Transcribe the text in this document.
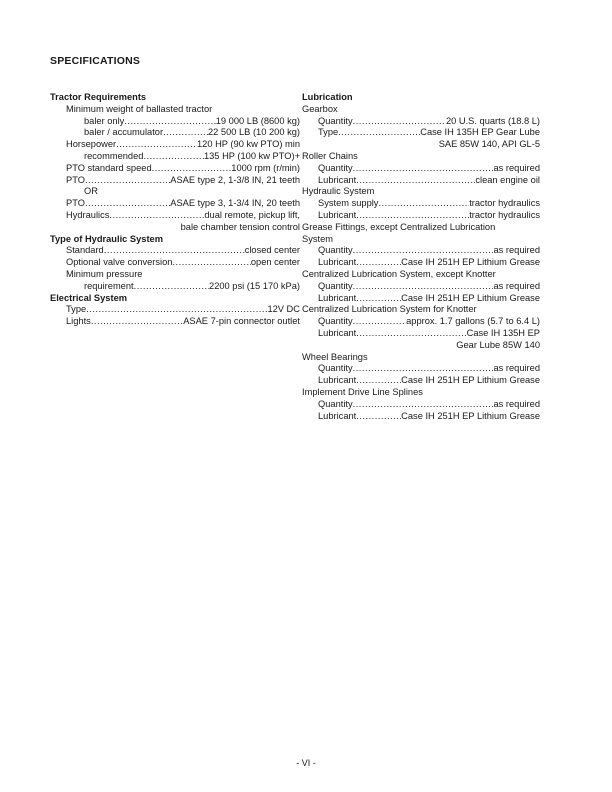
SPECIFICATIONS
Tractor Requirements
Minimum weight of ballasted tractor
baler only .....	19 000 LB (8600 kg)
baler / accumulator .....	22 500 LB (10 200 kg)
Horsepower .....	120 HP (90 kw PTO) min
recommended .....	135 HP (100 kw PTO)+
PTO standard speed .....	1000 rpm (r/min)
PTO .....	ASAE type 2, 1-3/8 IN, 21 teeth
OR
PTO .....	ASAE type 3, 1-3/4 IN, 20 teeth
Hydraulics .....	dual remote, pickup lift,
bale chamber tension control
Type of Hydraulic System
Standard .....	closed center
Optional valve conversion .....	open center
Minimum pressure
requirement .....	2200 psi (15 170 kPa)
Electrical System
Type .....	12V DC
Lights .....	ASAE 7-pin connector outlet
Lubrication
Gearbox
Quantity .....	20 U.S. quarts (18.8 L)
Type .....	Case IH 135H EP Gear Lube
SAE 85W 140, API GL-5
Roller Chains
Quantity .....	as required
Lubricant .....	clean engine oil
Hydraulic System
System supply .....	tractor hydraulics
Lubricant .....	tractor hydraulics
Grease Fittings, except Centralized Lubrication
System
Quantity .....	as required
Lubricant .....	Case IH 251H EP Lithium Grease
Centralized Lubrication System, except Knotter
Quantity .....	as required
Lubricant .....	Case IH 251H EP Lithium Grease
Centralized Lubrication System for Knotter
Quantity .....	approx. 1.7 gallons (5.7 to 6.4 L)
Lubricant .....	Case IH 135H EP
Gear Lube 85W 140
Wheel Bearings
Quantity .....	as required
Lubricant .....	Case IH 251H EP Lithium Grease
Implement Drive Line Splines
Quantity .....	as required
Lubricant .....	Case IH 251H EP Lithium Grease
- VI -
